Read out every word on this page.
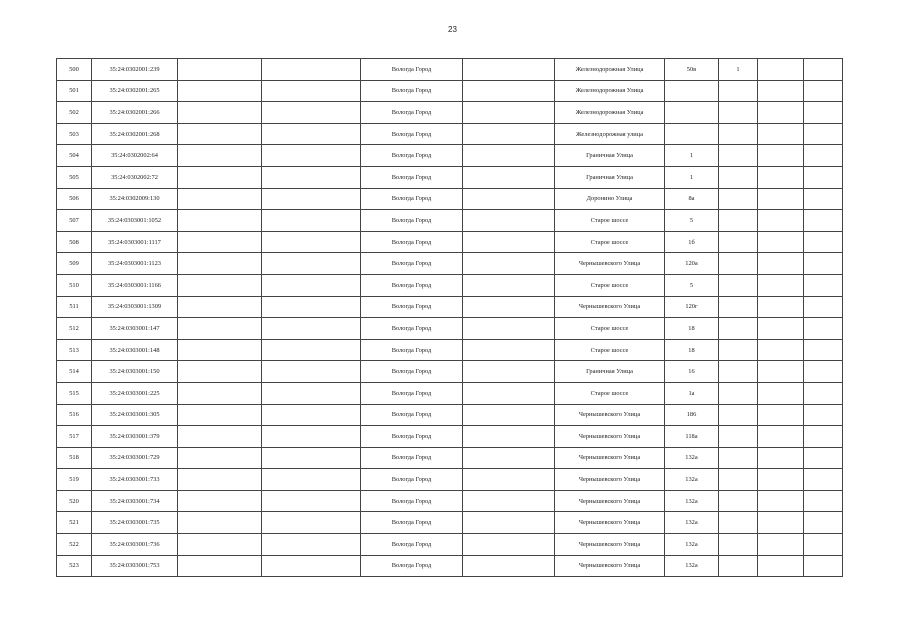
23
500	35:24:0302001:239			Вологда Город		Железнодорожная Улица	50в	1		
501	35:24:0302001:265			Вологда Город		Железнодорожная Улица				
502	35:24:0302001:266			Вологда Город		Железнодорожная Улица				
503	35:24:0302001:268			Вологда Город		Железнодорожная улица				
504	35:24:0302002:64			Вологда Город		Граничная Улица	1			
505	35:24:0302002:72			Вологда Город		Граничная Улица	1			
506	35:24:0302009:130			Вологда Город		Доронино Улица	8а			
507	35:24:0303001:1052			Вологда Город		Старое шоссе	5			
508	35:24:0303001:1117			Вологда Город		Старое шоссе	1б			
509	35:24:0303001:1123			Вологда Город		Чернышевского Улица	120а			
510	35:24:0303001:1166			Вологда Город		Старое шоссе	5			
511	35:24:0303001:1309			Вологда Город		Чернышевского Улица	120г			
512	35:24:0303001:147			Вологда Город		Старое шоссе	18			
513	35:24:0303001:148			Вологда Город		Старое шоссе	18			
514	35:24:0303001:150			Вологда Город		Граничная Улица	16			
515	35:24:0303001:225			Вологда Город		Старое шоссе	1а			
516	35:24:0303001:305			Вологда Город		Чернышевского Улица	186			
517	35:24:0303001:379			Вологда Город		Чернышевского Улица	118а			
518	35:24:0303001:729			Вологда Город		Чернышевского Улица	132а			
519	35:24:0303001:733			Вологда Город		Чернышевского Улица	132а			
520	35:24:0303001:734			Вологда Город		Чернышевского Улица	132а			
521	35:24:0303001:735			Вологда Город		Чернышевского Улица	132а			
522	35:24:0303001:736			Вологда Город		Чернышевского Улица	132а			
523	35:24:0303001:753			Вологда Город		Чернышевского Улица	132а			
